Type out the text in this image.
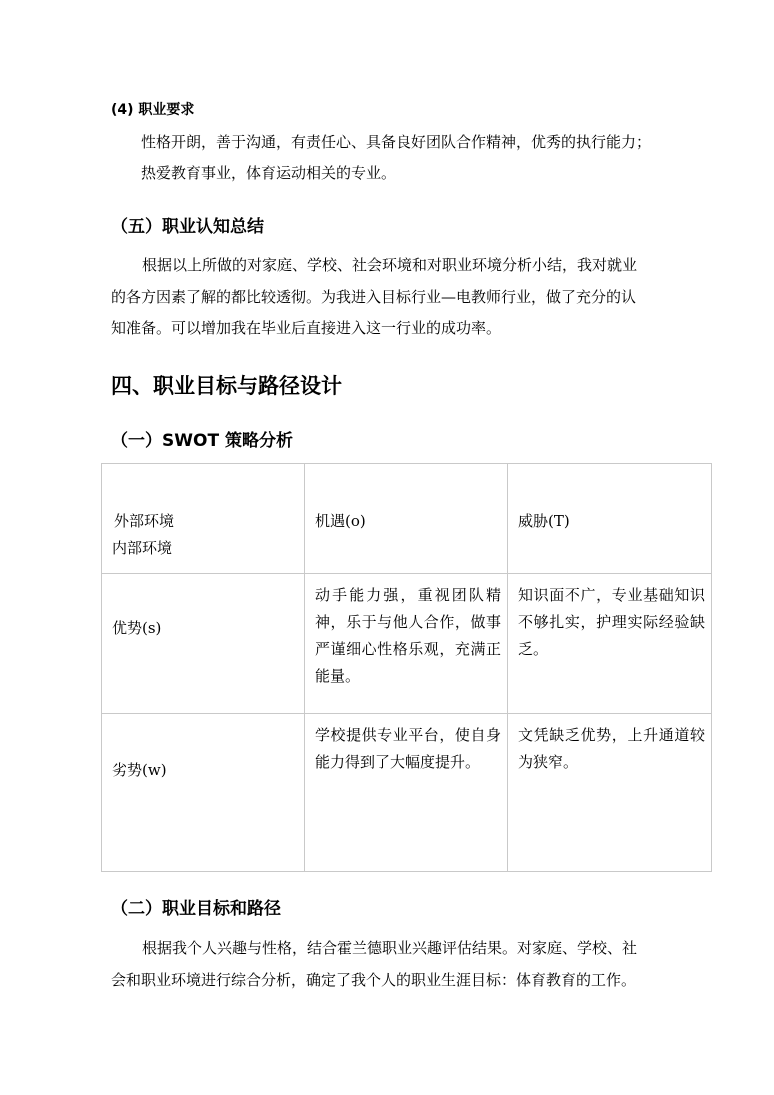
(4) 职业要求
性格开朗，善于沟通，有责任心、具备良好团队合作精神，优秀的执行能力；
热爱教育事业，体育运动相关的专业。
（五）职业认知总结
根据以上所做的对家庭、学校、社会环境和对职业环境分析小结，我对就业
的各方因素了解的都比较透彻。为我进入目标行业—电教师行业，做了充分的认
知准备。可以增加我在毕业后直接进入这一行业的成功率。
四、职业目标与路径设计
（一）SWOT 策略分析
外部环境
内部环境	机遇(o)	威胁(T)

优势(s)	动手能力强，重视团队精神，乐于与他人合作，做事严谨细心性格乐观，充满正能量。	知识面不广，专业基础知识不够扎实，护理实际经验缺乏。

劣势(w)	学校提供专业平台，使自身能力得到了大幅度提升。	文凭缺乏优势，上升通道较为狭窄。
（二）职业目标和路径
根据我个人兴趣与性格，结合霍兰德职业兴趣评估结果。对家庭、学校、社
会和职业环境进行综合分析，确定了我个人的职业生涯目标：体育教育的工作。
